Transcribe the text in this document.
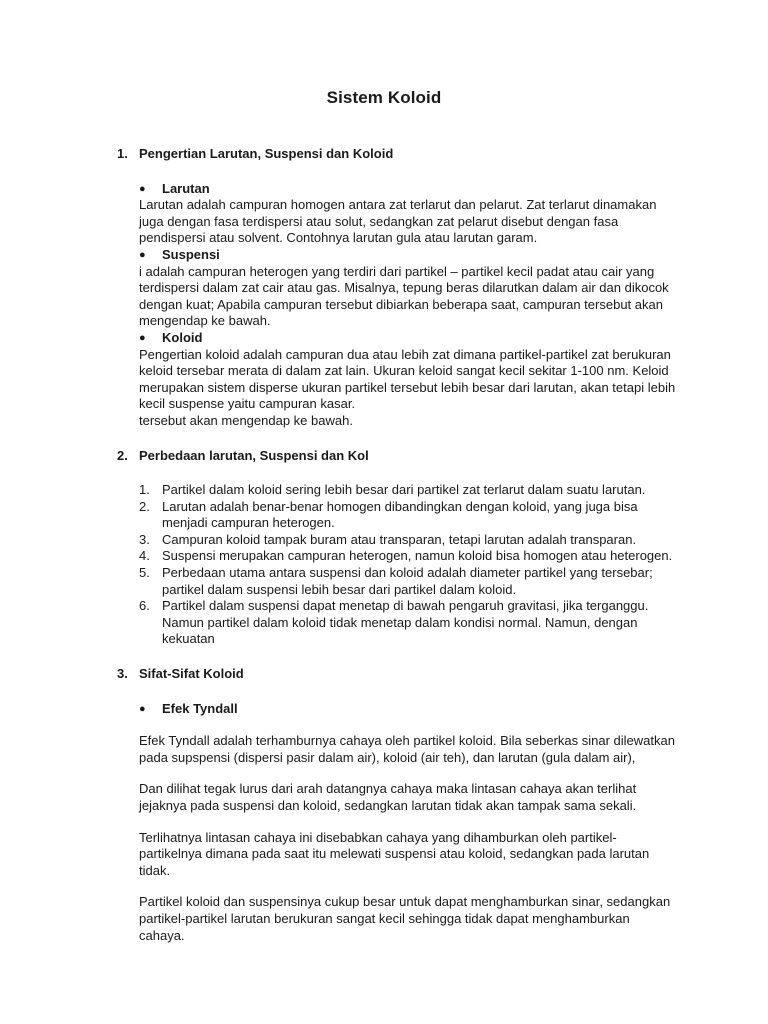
Sistem Koloid
1. Pengertian Larutan, Suspensi dan Koloid
●	Larutan
Larutan adalah campuran homogen antara zat terlarut dan pelarut. Zat terlarut dinamakan juga dengan fasa terdispersi atau solut, sedangkan zat pelarut disebut dengan fasa pendispersi atau solvent. Contohnya larutan gula atau larutan garam.
●	Suspensi
i adalah campuran heterogen yang terdiri dari partikel – partikel kecil padat atau cair yang terdispersi dalam zat cair atau gas. Misalnya, tepung beras dilarutkan dalam air dan dikocok dengan kuat; Apabila campuran tersebut dibiarkan beberapa saat, campuran tersebut akan mengendap ke bawah.
●	Koloid
Pengertian koloid adalah campuran dua atau lebih zat dimana partikel-partikel zat berukuran keloid tersebar merata di dalam zat lain. Ukuran keloid sangat kecil sekitar 1-100 nm. Keloid merupakan sistem disperse ukuran partikel tersebut lebih besar dari larutan, akan tetapi lebih kecil suspense yaitu campuran kasar.
tersebut akan mengendap ke bawah.
2. Perbedaan larutan, Suspensi dan Kol
1. Partikel dalam koloid sering lebih besar dari partikel zat terlarut dalam suatu larutan.
2. Larutan adalah benar-benar homogen dibandingkan dengan koloid, yang juga bisa menjadi campuran heterogen.
3. Campuran koloid tampak buram atau transparan, tetapi larutan adalah transparan.
4. Suspensi merupakan campuran heterogen, namun koloid bisa homogen atau heterogen.
5. Perbedaan utama antara suspensi dan koloid adalah diameter partikel yang tersebar; partikel dalam suspensi lebih besar dari partikel dalam koloid.
6. Partikel dalam suspensi dapat menetap di bawah pengaruh gravitasi, jika terganggu. Namun partikel dalam koloid tidak menetap dalam kondisi normal. Namun, dengan kekuatan
3. Sifat-Sifat Koloid
●	Efek Tyndall
Efek Tyndall adalah terhamburnya cahaya oleh partikel koloid. Bila seberkas sinar dilewatkan pada supspensi (dispersi pasir dalam air), koloid (air teh), dan larutan (gula dalam air),
Dan dilihat tegak lurus dari arah datangnya cahaya maka lintasan cahaya akan terlihat jejaknya pada suspensi dan koloid, sedangkan larutan tidak akan tampak sama sekali.
Terlihatnya lintasan cahaya ini disebabkan cahaya yang dihamburkan oleh partikel-partikelnya dimana pada saat itu melewati suspensi atau koloid, sedangkan pada larutan tidak.
Partikel koloid dan suspensinya cukup besar untuk dapat menghamburkan sinar, sedangkan partikel-partikel larutan berukuran sangat kecil sehingga tidak dapat menghamburkan cahaya.
